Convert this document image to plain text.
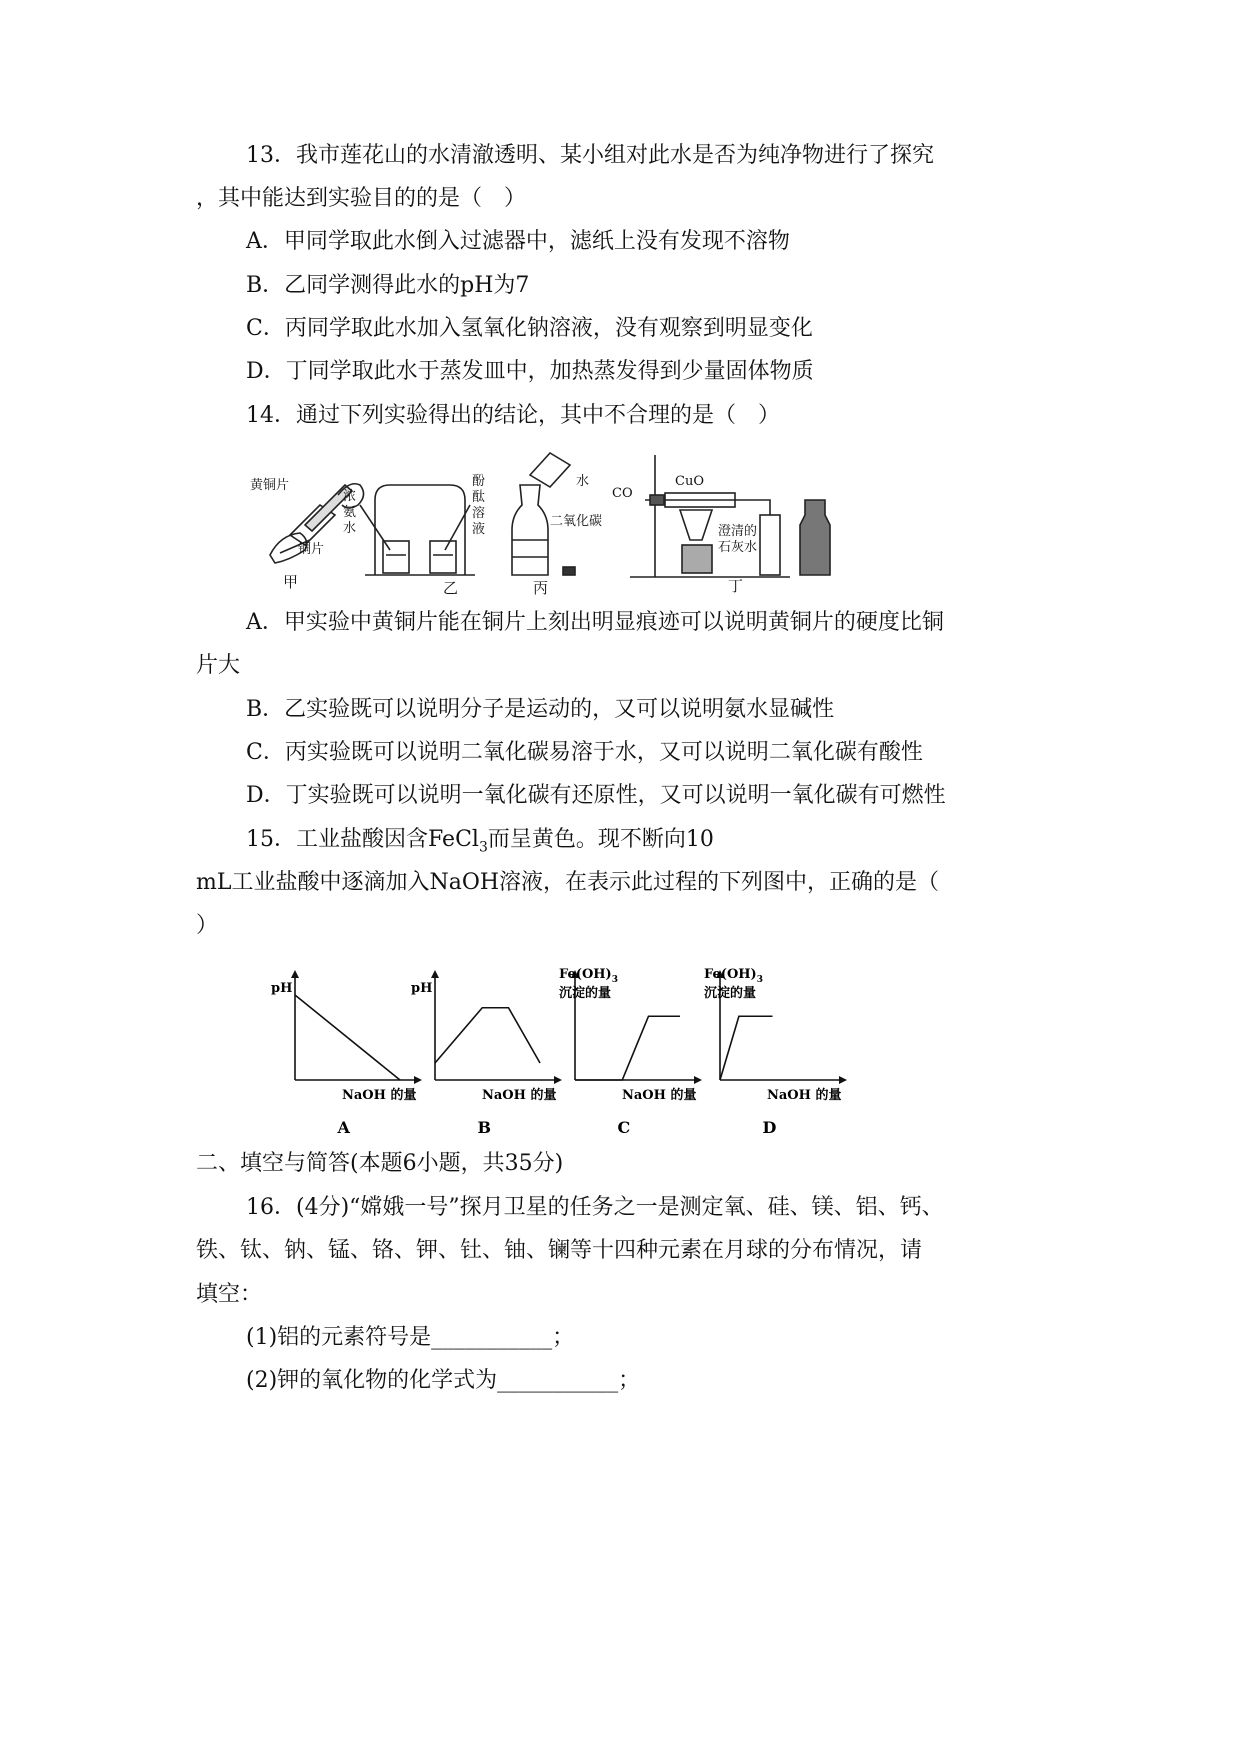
13．我市莲花山的水清澈透明、某小组对此水是否为纯净物进行了探究
，其中能达到实验目的的是（　）
A．甲同学取此水倒入过滤器中，滤纸上没有发现不溶物
B．乙同学测得此水的pH为7
C．丙同学取此水加入氢氧化钠溶液，没有观察到明显变化
D．丁同学取此水于蒸发皿中，加热蒸发得到少量固体物质
14．通过下列实验得出的结论，其中不合理的是（　）
黄铜片
铜片
甲
浓
氨
水
酚
酞
溶
液
乙
水
二氧化碳
丙
CO
CuO
澄清的
石灰水
丁
A．甲实验中黄铜片能在铜片上刻出明显痕迹可以说明黄铜片的硬度比铜
片大
B．乙实验既可以说明分子是运动的，又可以说明氨水显碱性
C．丙实验既可以说明二氧化碳易溶于水，又可以说明二氧化碳有酸性
D．丁实验既可以说明一氧化碳有还原性，又可以说明一氧化碳有可燃性
15．工业盐酸因含FeCl$_3$而呈黄色。现不断向10
mL工业盐酸中逐滴加入NaOH溶液，在表示此过程的下列图中，正确的是（
）
pH
NaOH 的量
A
pH
NaOH 的量
B
$Fe(OH)_3$
沉淀的量
NaOH 的量
C
$Fe(OH)_3$
沉淀的量
NaOH 的量
D
二、填空与简答(本题6小题，共35分)
16．(4分)“嫦娥一号”探月卫星的任务之一是测定氧、硅、镁、铝、钙、
铁、钛、钠、锰、铬、钾、钍、铀、镧等十四种元素在月球的分布情况，请
填空：
(1)铝的元素符号是___________；
(2)钾的氧化物的化学式为___________；
